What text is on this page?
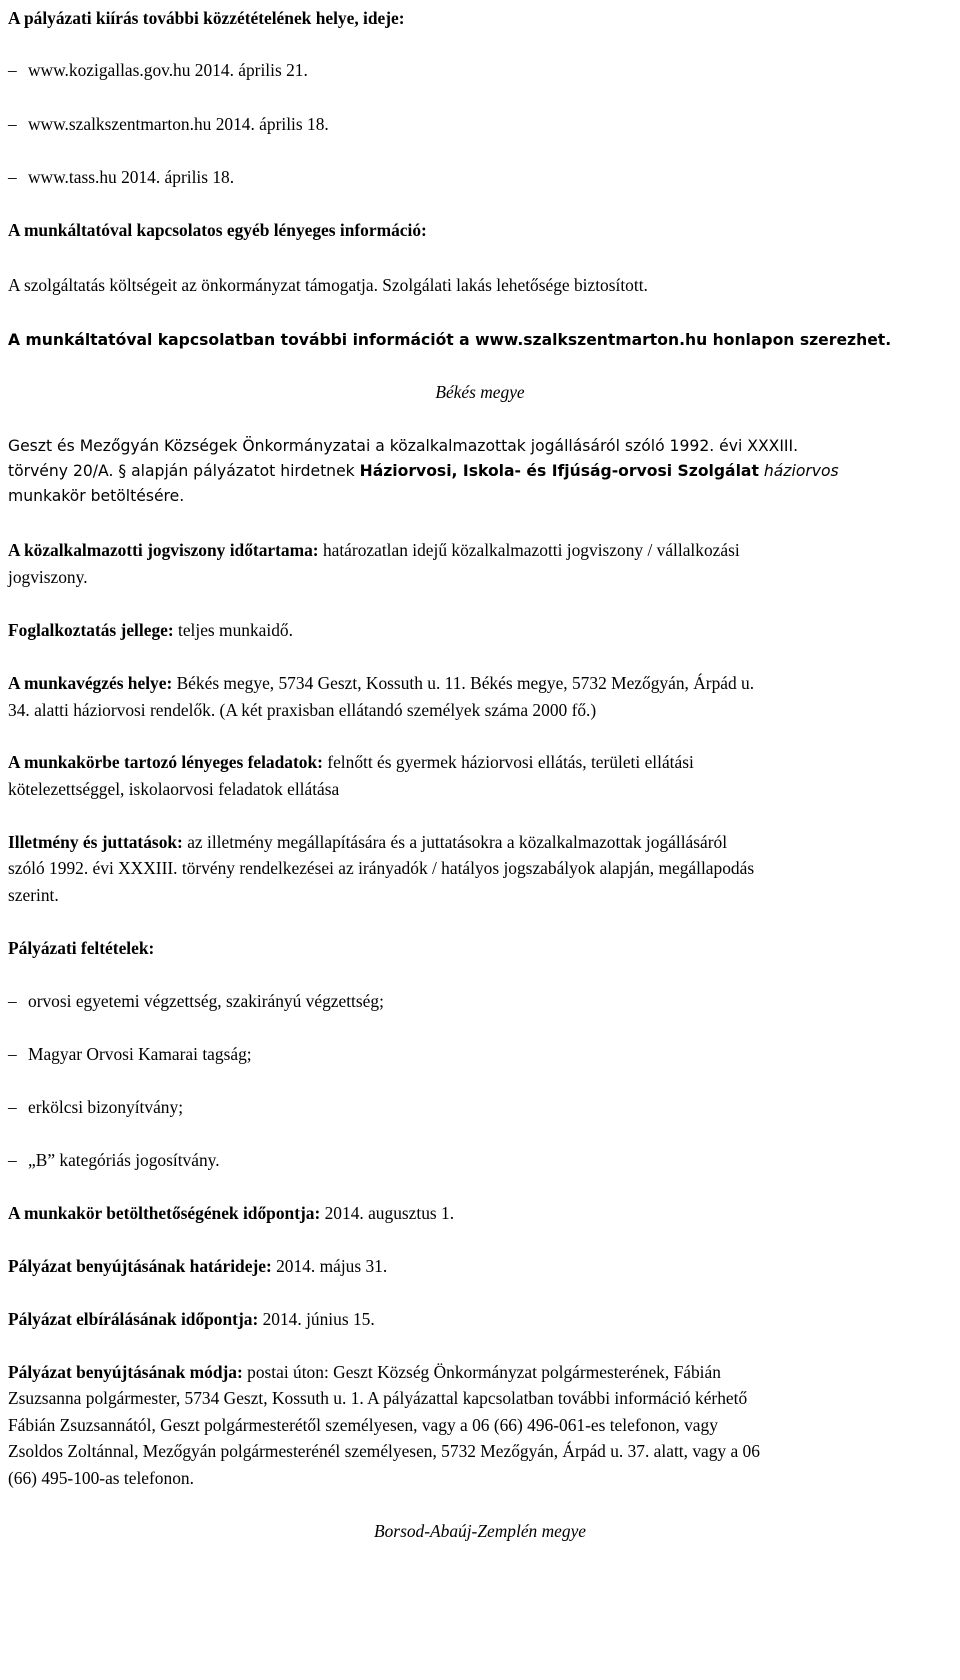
A pályázati kiírás további közzétételének helye, ideje:
– www.kozigallas.gov.hu 2014. április 21.
– www.szalkszentmarton.hu 2014. április 18.
– www.tass.hu 2014. április 18.
A munkáltatóval kapcsolatos egyéb lényeges információ:
A szolgáltatás költségeit az önkormányzat támogatja. Szolgálati lakás lehetősége biztosított.
A munkáltatóval kapcsolatban további információt a www.szalkszentmarton.hu honlapon szerezhet.
Békés megye
Geszt és Mezőgyán Községek Önkormányzatai a közalkalmazottak jogállásáról szóló 1992. évi XXXIII.
törvény 20/A. § alapján pályázatot hirdetnek Háziorvosi, Iskola- és Ifjúság-orvosi Szolgálat háziorvos
munkakör betöltésére.
A közalkalmazotti jogviszony időtartama: határozatlan idejű közalkalmazotti jogviszony / vállalkozási
jogviszony.
Foglalkoztatás jellege: teljes munkaidő.
A munkavégzés helye: Békés megye, 5734 Geszt, Kossuth u. 11. Békés megye, 5732 Mezőgyán, Árpád u.
34. alatti háziorvosi rendelők. (A két praxisban ellátandó személyek száma 2000 fő.)
A munkakörbe tartozó lényeges feladatok: felnőtt és gyermek háziorvosi ellátás, területi ellátási
kötelezettséggel, iskolaorvosi feladatok ellátása
Illetmény és juttatások: az illetmény megállapítására és a juttatásokra a közalkalmazottak jogállásáról
szóló 1992. évi XXXIII. törvény rendelkezései az irányadók / hatályos jogszabályok alapján, megállapodás
szerint.
Pályázati feltételek:
– orvosi egyetemi végzettség, szakirányú végzettség;
– Magyar Orvosi Kamarai tagság;
– erkölcsi bizonyítvány;
– „B” kategóriás jogosítvány.
A munkakör betölthetőségének időpontja: 2014. augusztus 1.
Pályázat benyújtásának határideje: 2014. május 31.
Pályázat elbírálásának időpontja: 2014. június 15.
Pályázat benyújtásának módja: postai úton: Geszt Község Önkormányzat polgármesterének, Fábián
Zsuzsanna polgármester, 5734 Geszt, Kossuth u. 1. A pályázattal kapcsolatban további információ kérhető
Fábián Zsuzsannától, Geszt polgármesterétől személyesen, vagy a 06 (66) 496-061-es telefonon, vagy
Zsoldos Zoltánnal, Mezőgyán polgármesterénél személyesen, 5732 Mezőgyán, Árpád u. 37. alatt, vagy a 06
(66) 495-100-as telefonon.
Borsod-Abaúj-Zemplén megye
